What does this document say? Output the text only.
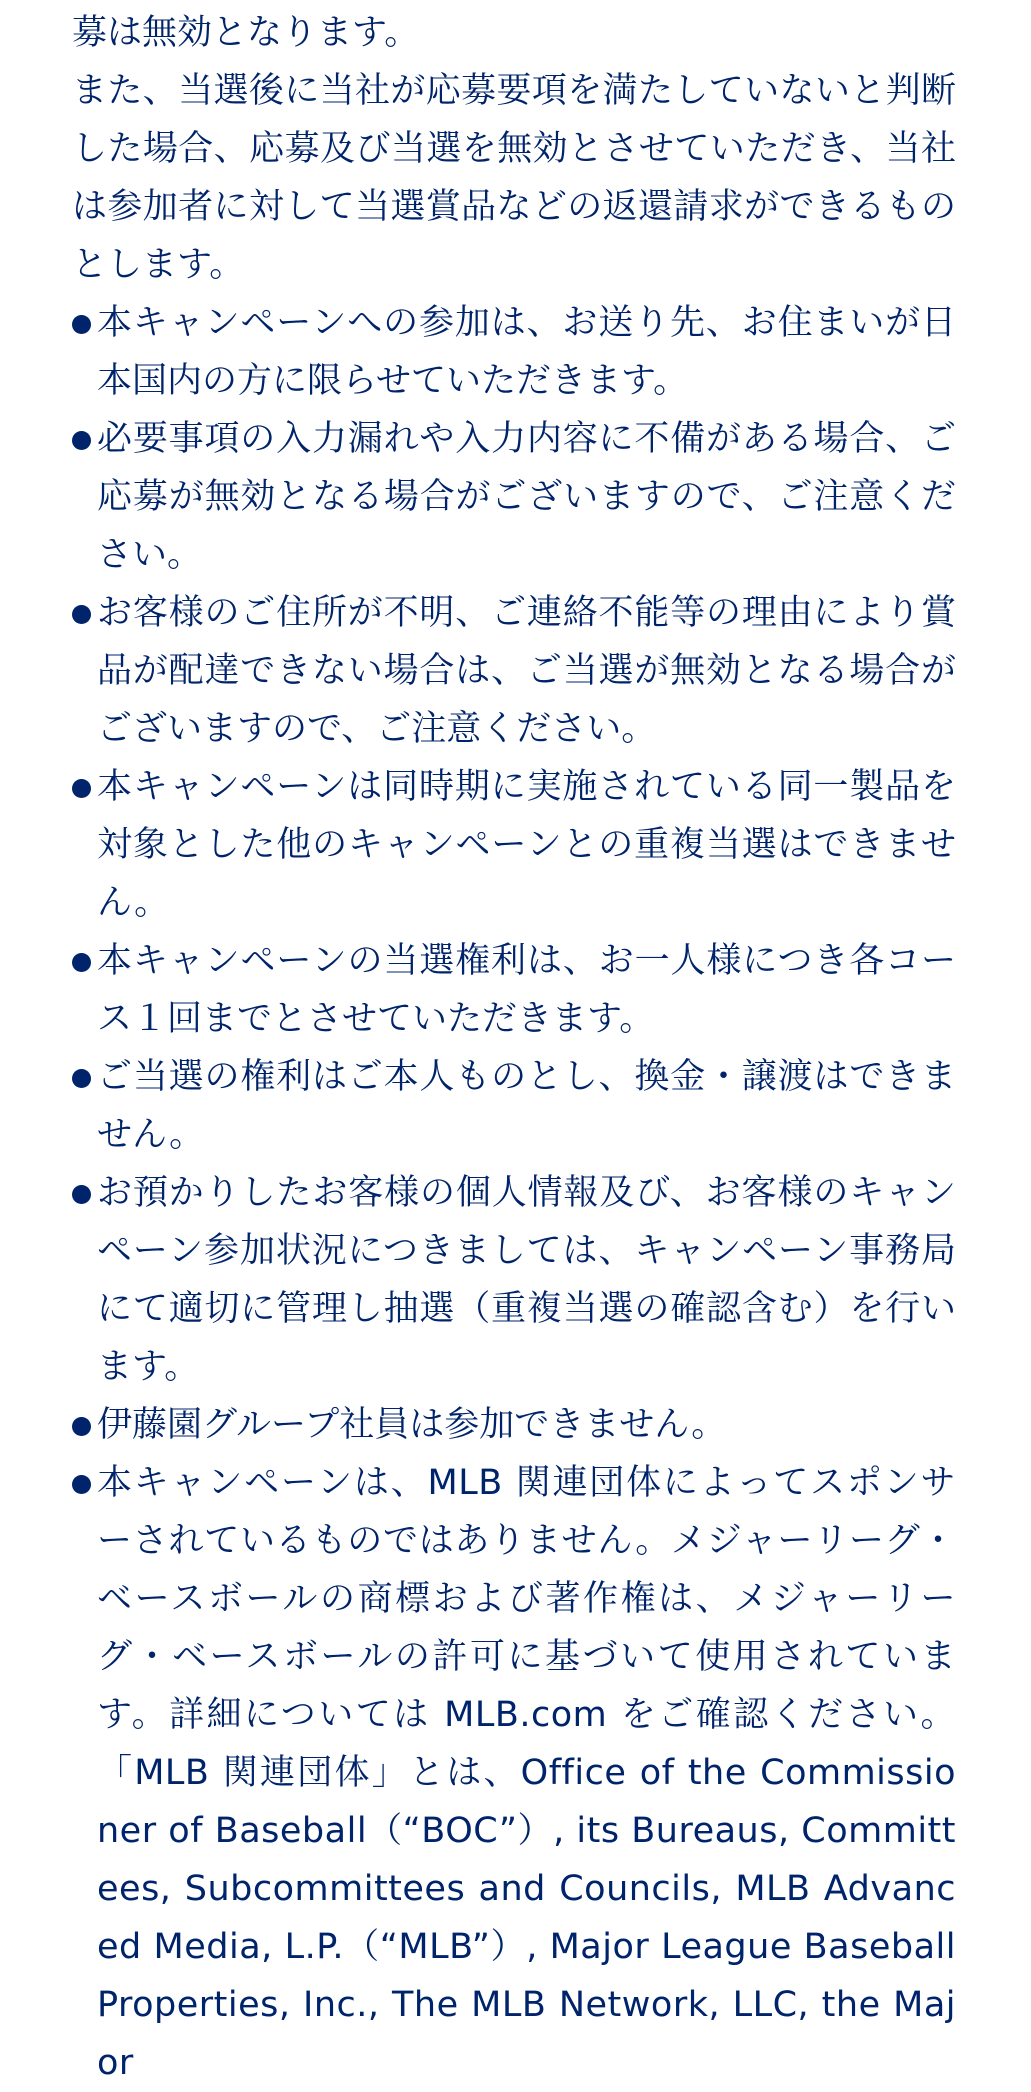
募は無効となります。

また、当選後に当社が応募要項を満たしていないと判断した場合、応募及び当選を無効とさせていただき、当社は参加者に対して当選賞品などの返還請求ができるものとします。

本キャンペーンへの参加は、お送り先、お住まいが日本国内の方に限らせていただきます。
必要事項の入力漏れや入力内容に不備がある場合、ご応募が無効となる場合がございますので、ご注意ください。
お客様のご住所が不明、ご連絡不能等の理由により賞品が配達できない場合は、ご当選が無効となる場合がございますので、ご注意ください。
本キャンペーンは同時期に実施されている同一製品を対象とした他のキャンペーンとの重複当選はできません。
本キャンペーンの当選権利は、お一人様につき各コース１回までとさせていただきます。
ご当選の権利はご本人ものとし、換金・譲渡はできません。
お預かりしたお客様の個人情報及び、お客様のキャンペーン参加状況につきましては、キャンペーン事務局にて適切に管理し抽選（重複当選の確認含む）を行います。
伊藤園グループ社員は参加できません。
本キャンペーンは、MLB 関連団体によってスポンサーされているものではありません。メジャーリーグ・ベースボールの商標および著作権は、メジャーリーグ・ベースボールの許可に基づいて使用されています。詳細については MLB.com をご確認ください。「MLB 関連団体」とは、Office of the Commissioner of Baseball（“BOC”）, its Bureaus, Committees, Subcommittees and Councils, MLB Advanced Media, L.P.（“MLB”）, Major League Baseball Properties, Inc., The MLB Network, LLC, the Major
